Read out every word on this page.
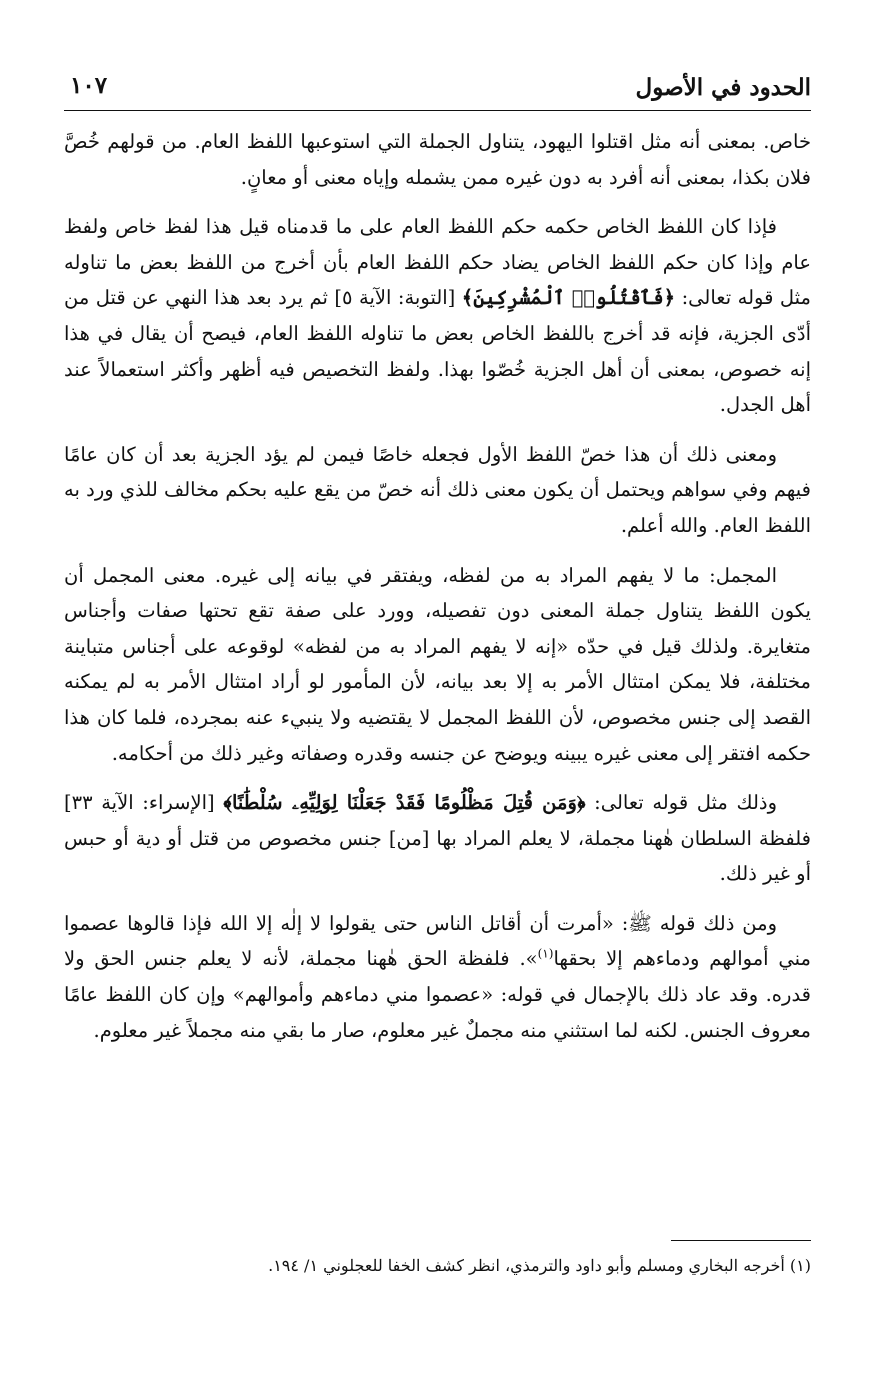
الحدود في الأصول
١٠٧

خاص. بمعنى أنه مثل اقتلوا اليهود، يتناول الجملة التي استوعبها اللفظ العام. من قولهم خُصَّ فلان بكذا، بمعنى أنه أفرد به دون غيره ممن يشمله وإياه معنى أو معانٍ.

فإذا كان اللفظ الخاص حكمه حكم اللفظ العام على ما قدمناه قيل هذا لفظ خاص ولفظ عام وإذا كان حكم اللفظ الخاص يضاد حكم اللفظ العام بأن أخرج من اللفظ بعض ما تناوله مثل قوله تعالى: ﴿فَٱقْتُلُوا۟ ٱلْمُشْرِكِينَ﴾ [التوبة: الآية ٥] ثم يرد بعد هذا النهي عن قتل من أدّى الجزية، فإنه قد أخرج باللفظ الخاص بعض ما تناوله اللفظ العام، فيصح أن يقال في هذا إنه خصوص، بمعنى أن أهل الجزية خُصّوا بهذا. ولفظ التخصيص فيه أظهر وأكثر استعمالاً عند أهل الجدل.

ومعنى ذلك أن هذا خصّ اللفظ الأول فجعله خاصًا فيمن لم يؤد الجزية بعد أن كان عامًا فيهم وفي سواهم ويحتمل أن يكون معنى ذلك أنه خصّ من يقع عليه بحكم مخالف للذي ورد به اللفظ العام. والله أعلم.

المجمل: ما لا يفهم المراد به من لفظه، ويفتقر في بيانه إلى غيره. معنى المجمل أن يكون اللفظ يتناول جملة المعنى دون تفصيله، وورد على صفة تقع تحتها صفات وأجناس متغايرة. ولذلك قيل في حدّه «إنه لا يفهم المراد به من لفظه» لوقوعه على أجناس متباينة مختلفة، فلا يمكن امتثال الأمر به إلا بعد بيانه، لأن المأمور لو أراد امتثال الأمر به لم يمكنه القصد إلى جنس مخصوص، لأن اللفظ المجمل لا يقتضيه ولا ينبيء عنه بمجرده، فلما كان هذا حكمه افتقر إلى معنى غيره يبينه ويوضح عن جنسه وقدره وصفاته وغير ذلك من أحكامه.

وذلك مثل قوله تعالى: ﴿وَمَن قُتِلَ مَظْلُومًا فَقَدْ جَعَلْنَا لِوَلِيِّهِۦ سُلْطَٰنًا﴾ [الإسراء: الآية ٣٣] فلفظة السلطان هٰهنا مجملة، لا يعلم المراد بها [من] جنس مخصوص من قتل أو دية أو حبس أو غير ذلك.

ومن ذلك قوله ﷺ: «أمرت أن أقاتل الناس حتى يقولوا لا إلٰه إلا الله فإذا قالوها عصموا مني أموالهم ودماءهم إلا بحقها$^{(١)}$». فلفظة الحق هٰهنا مجملة، لأنه لا يعلم جنس الحق ولا قدره. وقد عاد ذلك بالإجمال في قوله: «عصموا مني دماءهم وأموالهم» وإن كان اللفظ عامًا معروف الجنس. لكنه لما استثني منه مجملٌ غير معلوم، صار ما بقي منه مجملاً غير معلوم.

(١) أخرجه البخاري ومسلم وأبو داود والترمذي، انظر كشف الخفا للعجلوني ١/ ١٩٤.
